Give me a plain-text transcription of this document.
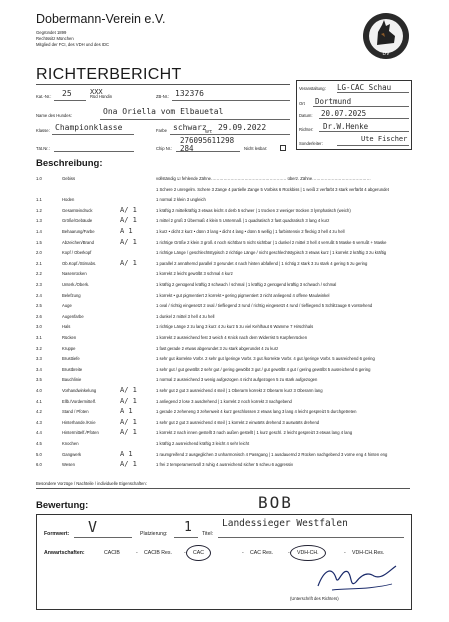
Dobermann-Verein e.V.
Gegründet 1899
Rechtssitz München
Mitglied der FCI, des VDH und des IDC
DV
RICHTERBERICHT
Veranstaltung: LG-CAC Schau
Ort Dortmund
Datum: 20.07.2025
Richter: Dr.W.Henke
Sonderleiter:
Ute Fischer
Kat.-Nr.: 25	Rüd Hündin
XXX
ZB-Nr.: 132376
Name des Hundes:	Ona Oriella vom Elbauetal
Klasse: Championklasse	Farbe schwarz
WT: 29.09.2022
Tät.Nr.:	Chip Nr.:
276095611298 284	Nicht lesbar:
Beschreibung:
1.0	Gebiss	vollständig ☑ fehlende Zähne……………………………………………… überz. Zähne……………………………………
1 Schere 2 unregelm. Schere 3 Zange 4 partielle Zange 5 Vorbiss 6 Rückbiss | 1 weiß 2 verfärbt 3 stark verfärbt 4 abgerundet
1.1	Hoden	1 normal 2 klein 3 ungleich
1.2	Gesamteindruck	A/ 1	1 kräftig 2 mittelkräftig 3 etwas leicht 4 derb 5 schwer | 1 trocken 2 weniger trocken 3 lymphatisch (weich)
1.3	Größe/Gebäude	A/ 1	1 mittel 2 groß 3 Übermaß 4 klein 5 Untermaß | 1 quadratisch 2 fast quadratisch 3 lang 4 kurz
1.4	Behaarung/Farbe	A 1	1 kurz • dicht 2 kurz • dünn 3 lang • dicht 4 lang • dünn 5 wellig | 1 farbintensiv 2 fleckig 3 hell 4 zu hell
1.5	Abzeichen/Brand	A/ 1	1 richtige Größe 2 klein 3 groß 4 noch sichtbar 5 nicht sichtbar | 1 dunkel 2 mittel 3 hell 4 verrußt 5 Maske 6 verrußt + Maske
2.0	Kopf / Oberkopf	1 richtige Länge / geschlechtstypisch 2 richtige Länge / nicht geschlechtstypisch 3 etwas kurz | 1 korrekt 2 kräftig 3 zu kräftig
2.1	Ob.Kopf./Stirnabs.	A/ 1	1 parallel 2 annähernd parallel 3 gerundet 4 nach hinten abfallend | 1 richtig 2 stark 3 zu stark 4 gering 5 zu gering
2.2	Nasenrücken	1 korrekt 2 leicht gewölbt 3 schmal 4 kurz
2.3	Unterk./Oberk.	1 kräftig 2 genügend kräftig 3 schwach / schmal | 1 kräftig 2 genügend kräftig 3 schwach / schmal
2.4	Belefzung	1 korrekt • gut pigmentiert 2 korrekt • gering pigmentiert 3 nicht anliegend 4 offene Maulwinkel
2.5	Auge	1 oval / richtig eingesetzt 2 oval / tiefliegend 3 rund / richtig eingesetzt 4 rund / tiefliegend 5 Schlitzauge 6 vorstehend
2.6	Augenfarbe	1 dunkel 2 mittel 3 hell 4 zu hell
3.0	Hals	1 richtige Länge 2 zu lang 3 kurz 4 zu kurz 5 zu viel Kehlhaut 6 Wamme 7 Hirschhals
3.1	Rücken	1 korrekt 2 ausreichend fest 3 weich 4 Knick nach dem Widerrist 5 Karpfenrücken
3.2	Kruppe	1 fast gerade 2 etwas abgerundet 3 zu stark abgerundet 4 zu kurz
3.3	Brusttiefe	1 sehr gut ikorrekte Vorbr. 2 sehr gut /geringe Vorbr. 3 gut /korrekte Vorbr. 4 gut /geringe Vorbr. 5 ausreichend 6 gering
3.4	Brustbreite	1 sehr gut / gut gewölbt 2 sehr gut / gering gewölbt 3 gut / gut gewölbt 4 gut / gering gewölbt 5 ausreichend 6 gering
3.5	Bauchlinie	1 normal 2 ausreichend 3 wenig aufgezogen 4 nicht aufgezogen 5 zu stark aufgezogen
4.0	Vorhandwinkelung	A/ 1	1 sehr gut 2 gut 3 ausreichend 4 steil | 1 Oberarm korrekt 2 Oberarm kurz 3 Oberarm lang
4.1	Ellb./Vordermittelf.	A/ 1	1 anliegend 2 lose 3 ausdrehend | 1 korrekt 2 noch korrekt 3 nachgebend
4.2	Stand / Pfoten	A 1	1 gerade 2 zeheneng 3 zehenweit 4 kurz geschlossen 2 etwas lang 3 lang 4 leicht gespreizt 5 durchgetreten
4.3	Hinterhande./Knie	A/ 1	1 sehr gut 2 gut 3 ausreichend 4 steil | 1 korrekt 2 einwärts drehend 3 auswärts drehend
4.4	Hintermittelf./Pfoten	A/ 1	1 korrekt 2 nach innen gestellt 3 nach außen gestellt | 1 kurz geschl. 2 leicht gespreizt 3 etwas lang 4 lang
4.5	Knochen	1 kräftig 2 ausreichend kräftig 3 leicht 4 sehr leicht
5.0	Gangwerk	A 1	1 raumgreifend 2 ausgeglichen 3 unharmonisch 4 Passgang | 1 ausdauernd 2 Rücken nachgebend 3 vorne eng 4 hinten eng
6.0	Wesen	A/ 1	1 frei 2 temperamentvoll 3 ruhig 4 ausreichend sicher 5 scheu 6 aggressiv
Besondere Vorzüge / Nachteile / individuelle Eigenschaften:
Bewertung:	BOB
Formwert: V	Platzierung: 1 Titel:
Landessieger Westfalen
Anwartschaften:	CACIB	- CACIB Res. -	CAC	- CAC Res.	-	VDH-CH.	- VDH-CH.Res.
(Unterschrift des Richters)
